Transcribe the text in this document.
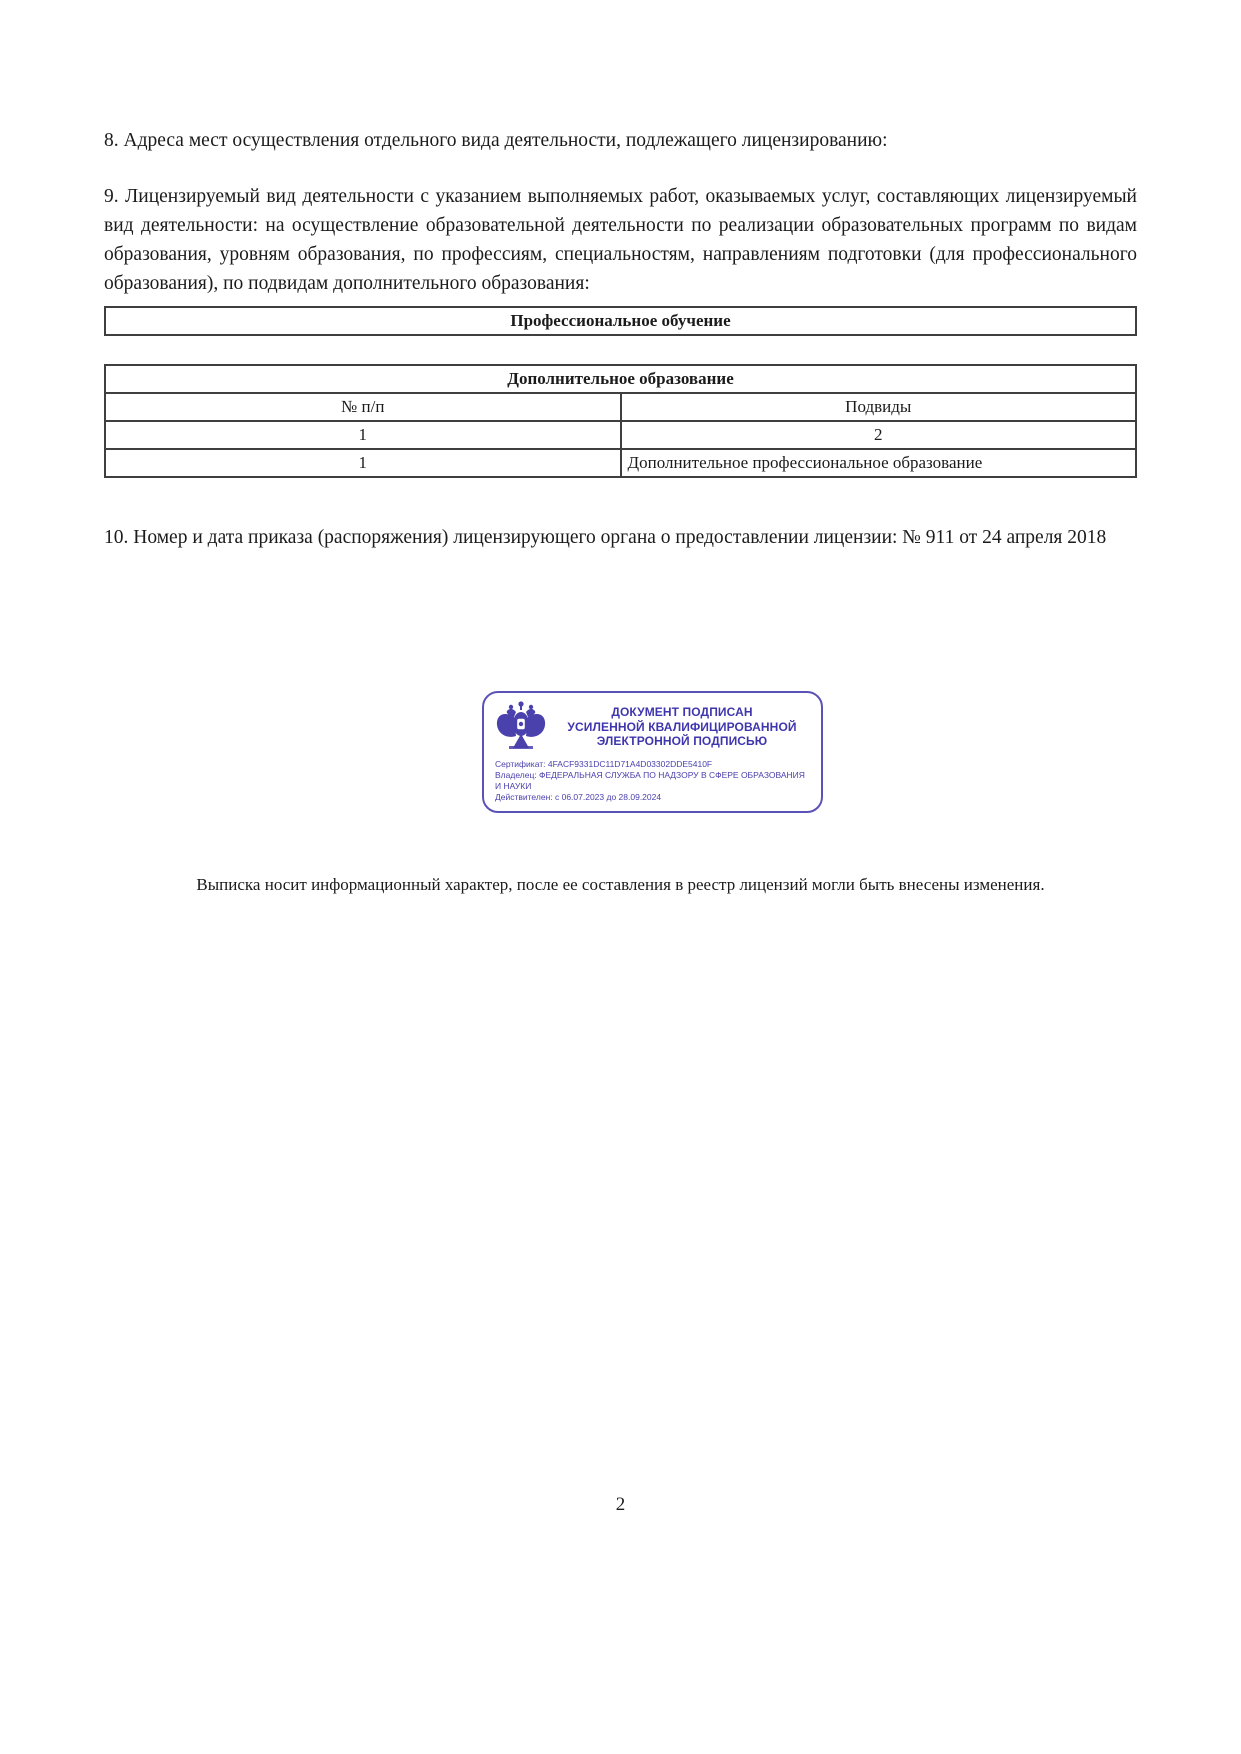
8. Адреса мест осуществления отдельного вида деятельности, подлежащего лицензированию:

9. Лицензируемый вид деятельности с указанием выполняемых работ, оказываемых услуг, составляющих лицензируемый вид деятельности: на осуществление образовательной деятельности по реализации образовательных программ по видам образования, уровням образования, по профессиям, специальностям, направлениям подготовки (для профессионального образования), по подвидам дополнительного образования:

Профессиональное обучение
Дополнительное образование	
№ п/п	Подвиды
1	2
1	Дополнительное профессиональное образование

10. Номер и дата приказа (распоряжения) лицензирующего органа о предоставлении лицензии: № 911 от 24 апреля 2018

ДОКУМЕНТ ПОДПИСАН
УСИЛЕННОЙ КВАЛИФИЦИРОВАННОЙ
ЭЛЕКТРОННОЙ ПОДПИСЬЮ
Сертификат: 4FACF9331DC11D71A4D03302DDE5410F
Владелец: ФЕДЕРАЛЬНАЯ СЛУЖБА ПО НАДЗОРУ В СФЕРЕ ОБРАЗОВАНИЯ И НАУКИ
Действителен: с 06.07.2023 до 28.09.2024

Выписка носит информационный характер, после ее составления в реестр лицензий могли быть внесены изменения.

2
